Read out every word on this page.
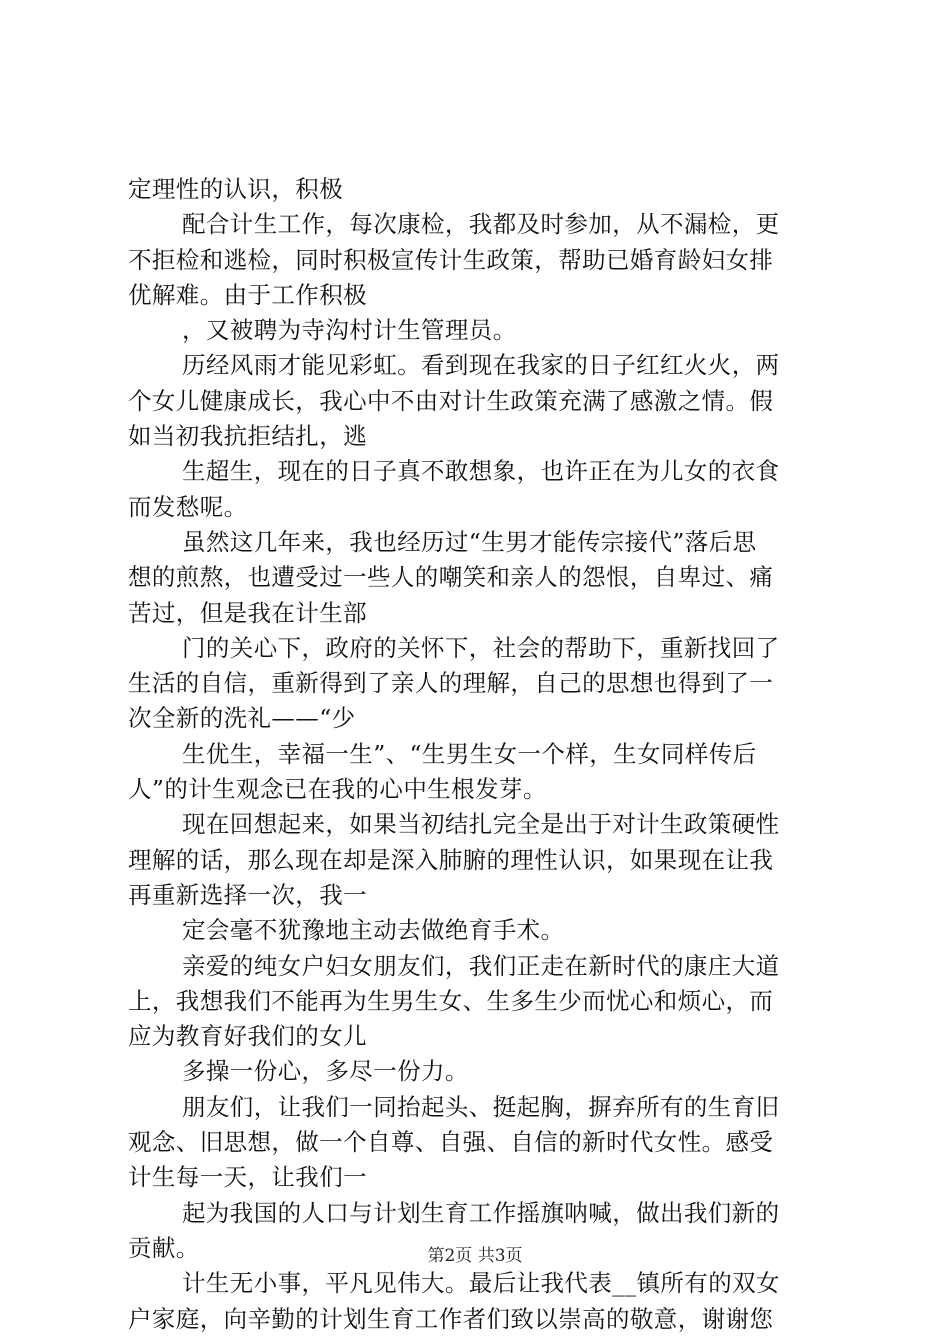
定理性的认识，积极
配合计生工作，每次康检，我都及时参加，从不漏检，更
不拒检和逃检，同时积极宣传计生政策，帮助已婚育龄妇女排
优解难。由于工作积极
，又被聘为寺沟村计生管理员。
历经风雨才能见彩虹。看到现在我家的日子红红火火，两
个女儿健康成长，我心中不由对计生政策充满了感激之情。假
如当初我抗拒结扎，逃
生超生，现在的日子真不敢想象，也许正在为儿女的衣食
而发愁呢。
虽然这几年来，我也经历过“生男才能传宗接代”落后思
想的煎熬，也遭受过一些人的嘲笑和亲人的怨恨，自卑过、痛
苦过，但是我在计生部
门的关心下，政府的关怀下，社会的帮助下，重新找回了
生活的自信，重新得到了亲人的理解，自己的思想也得到了一
次全新的洗礼——“少
生优生，幸福一生”、“生男生女一个样，生女同样传后
人”的计生观念已在我的心中生根发芽。
现在回想起来，如果当初结扎完全是出于对计生政策硬性
理解的话，那么现在却是深入肺腑的理性认识，如果现在让我
再重新选择一次，我一
定会毫不犹豫地主动去做绝育手术。
亲爱的纯女户妇女朋友们，我们正走在新时代的康庄大道
上，我想我们不能再为生男生女、生多生少而忧心和烦心，而
应为教育好我们的女儿
多操一份心，多尽一份力。
朋友们，让我们一同抬起头、挺起胸，摒弃所有的生育旧
观念、旧思想，做一个自尊、自强、自信的新时代女性。感受
计生每一天，让我们一
起为我国的人口与计划生育工作摇旗呐喊，做出我们新的
贡献。
计生无小事，平凡见伟大。最后让我代表__镇所有的双女
户家庭，向辛勤的计划生育工作者们致以崇高的敬意，谢谢您
第2页 共3页
